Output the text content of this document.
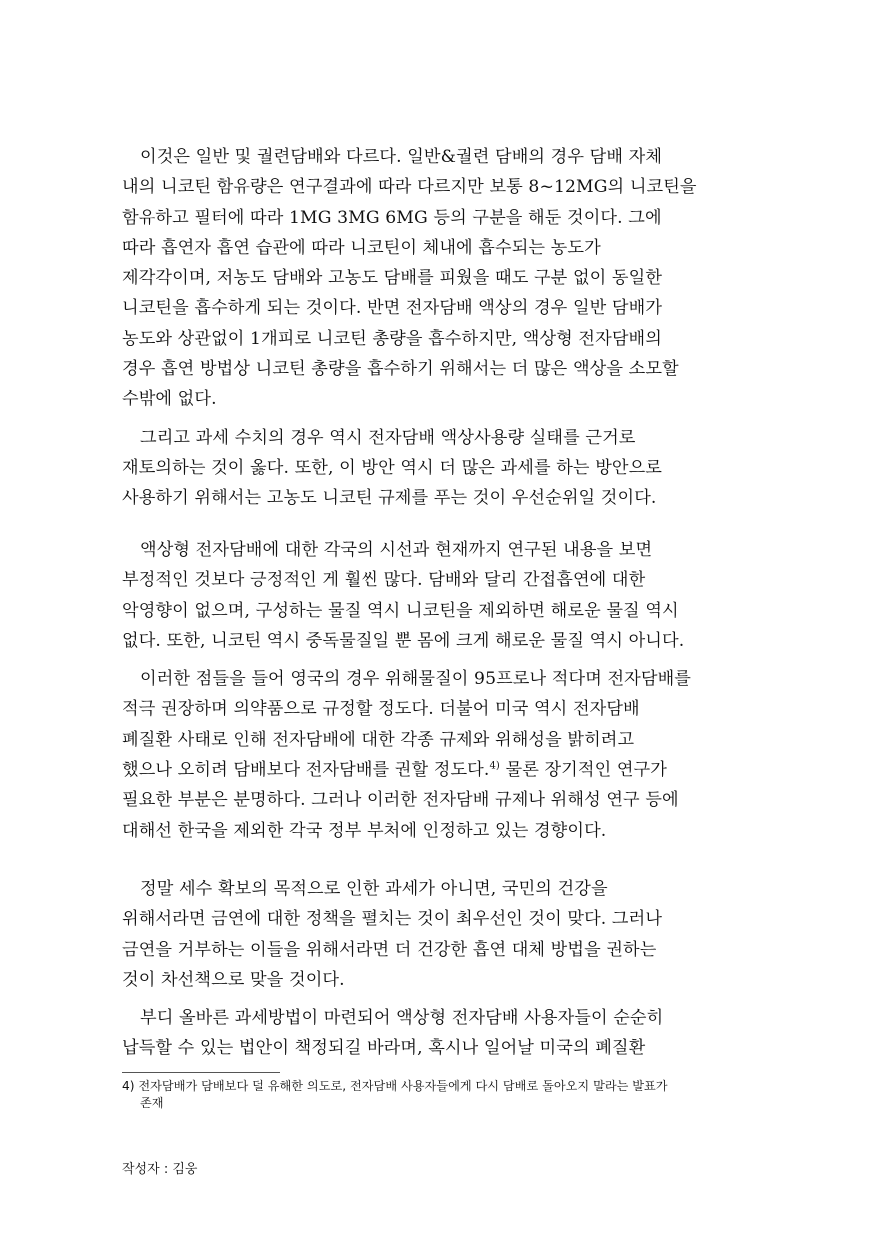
이것은 일반 및 궐련담배와 다르다. 일반&궐련 담배의 경우 담배 자체
내의 니코틴 함유량은 연구결과에 따라 다르지만 보통 8~12MG의 니코틴을
함유하고 필터에 따라 1MG 3MG 6MG 등의 구분을 해둔 것이다. 그에
따라 흡연자 흡연 습관에 따라 니코틴이 체내에 흡수되는 농도가
제각각이며, 저농도 담배와 고농도 담배를 피웠을 때도 구분 없이 동일한
니코틴을 흡수하게 되는 것이다. 반면 전자담배 액상의 경우 일반 담배가
농도와 상관없이 1개피로 니코틴 총량을 흡수하지만, 액상형 전자담배의
경우 흡연 방법상 니코틴 총량을 흡수하기 위해서는 더 많은 액상을 소모할
수밖에 없다.

그리고 과세 수치의 경우 역시 전자담배 액상사용량 실태를 근거로
재토의하는 것이 옳다. 또한, 이 방안 역시 더 많은 과세를 하는 방안으로
사용하기 위해서는 고농도 니코틴 규제를 푸는 것이 우선순위일 것이다.

액상형 전자담배에 대한 각국의 시선과 현재까지 연구된 내용을 보면
부정적인 것보다 긍정적인 게 훨씬 많다. 담배와 달리 간접흡연에 대한
악영향이 없으며, 구성하는 물질 역시 니코틴을 제외하면 해로운 물질 역시
없다. 또한, 니코틴 역시 중독물질일 뿐 몸에 크게 해로운 물질 역시 아니다.

이러한 점들을 들어 영국의 경우 위해물질이 95프로나 적다며 전자담배를
적극 권장하며 의약품으로 규정할 정도다. 더불어 미국 역시 전자담배
폐질환 사태로 인해 전자담배에 대한 각종 규제와 위해성을 밝히려고
했으나 오히려 담배보다 전자담배를 권할 정도다.$^{4)}$ 물론 장기적인 연구가
필요한 부분은 분명하다. 그러나 이러한 전자담배 규제나 위해성 연구 등에
대해선 한국을 제외한 각국 정부 부처에 인정하고 있는 경향이다.

정말 세수 확보의 목적으로 인한 과세가 아니면, 국민의 건강을
위해서라면 금연에 대한 정책을 펼치는 것이 최우선인 것이 맞다. 그러나
금연을 거부하는 이들을 위해서라면 더 건강한 흡연 대체 방법을 권하는
것이 차선책으로 맞을 것이다.

부디 올바른 과세방법이 마련되어 액상형 전자담배 사용자들이 순순히
납득할 수 있는 법안이 책정되길 바라며, 혹시나 일어날 미국의 폐질환

4) 전자담배가 담배보다 덜 유해한 의도로, 전자담배 사용자들에게 다시 담배로 돌아오지 말라는 발표가
존재
작성자 : 김웅
